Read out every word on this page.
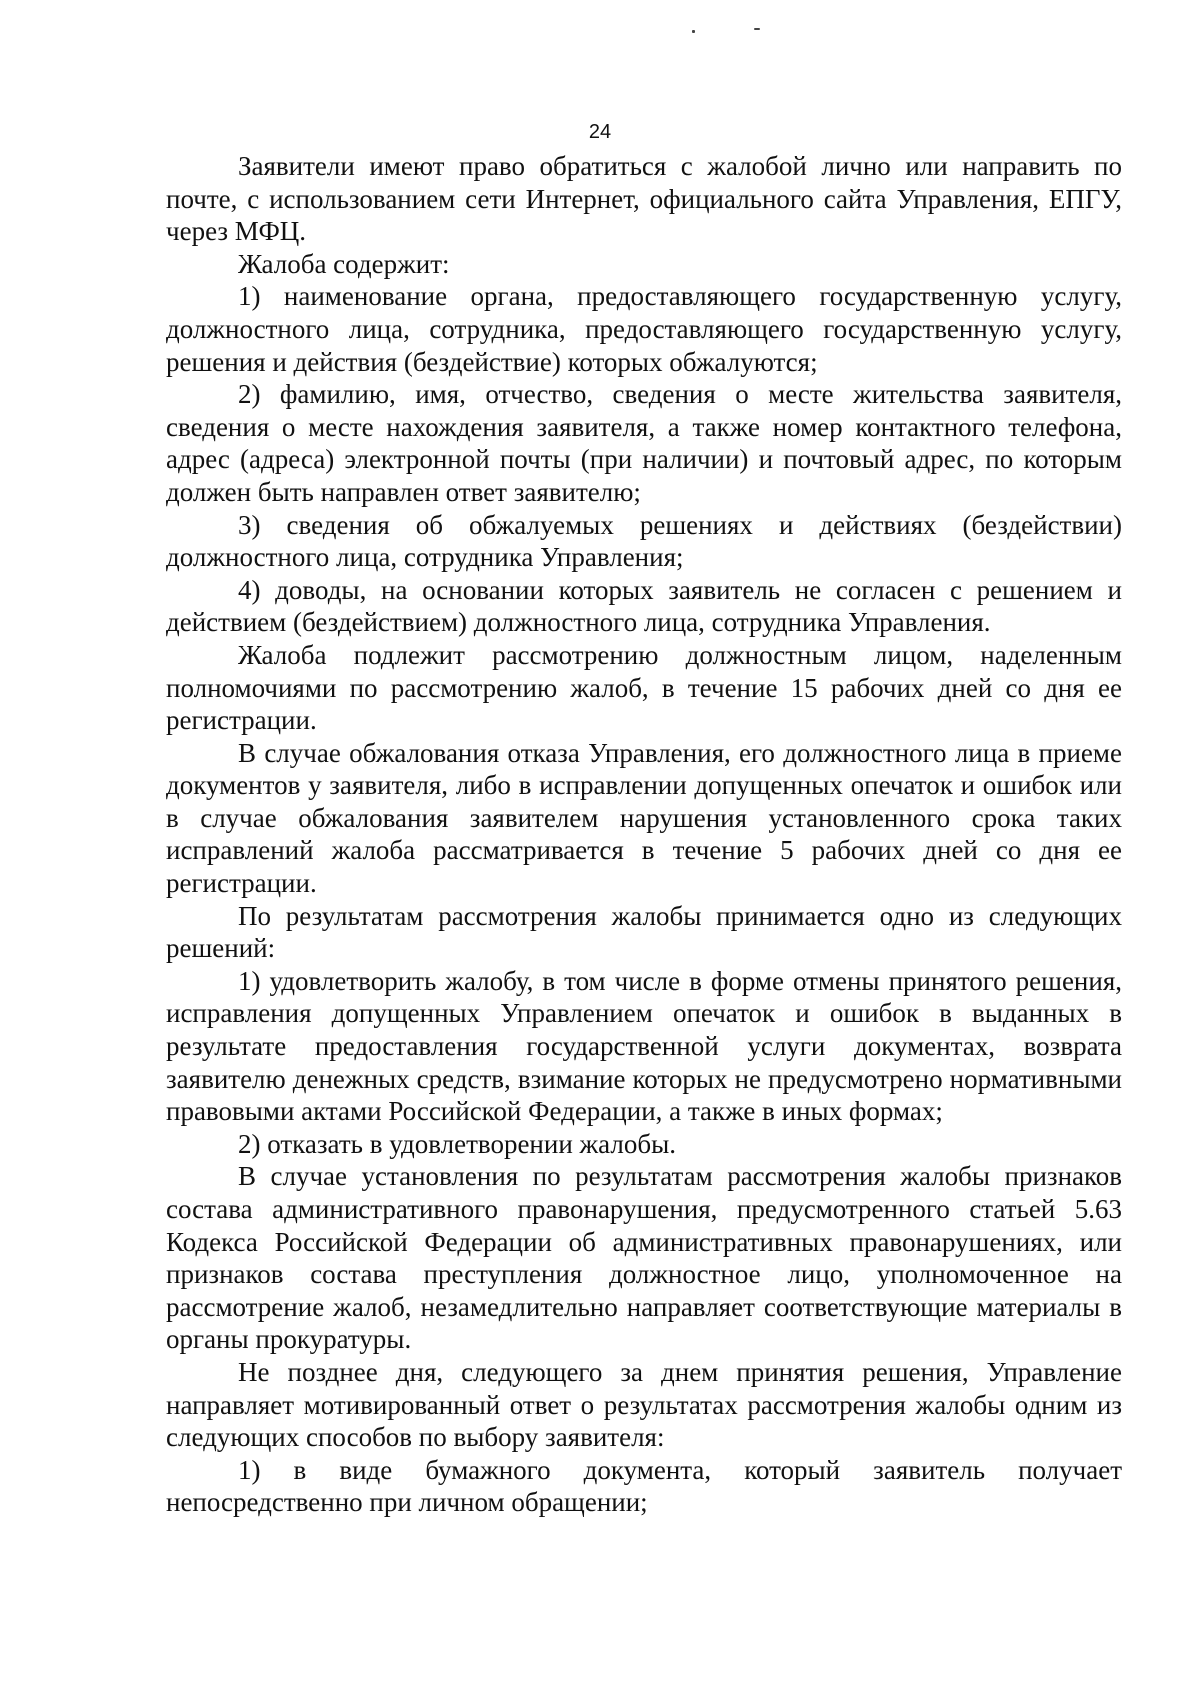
24

Заявители имеют право обратиться с жалобой лично или направить по почте, с использованием сети Интернет, официального сайта Управления, ЕПГУ, через МФЦ.

Жалоба содержит:

1) наименование органа, предоставляющего государственную услугу, должностного лица, сотрудника, предоставляющего государственную услугу, решения и действия (бездействие) которых обжалуются;

2) фамилию, имя, отчество, сведения о месте жительства заявителя, сведения о месте нахождения заявителя, а также номер контактного телефона, адрес (адреса) электронной почты (при наличии) и почтовый адрес, по которым должен быть направлен ответ заявителю;

3) сведения об обжалуемых решениях и действиях (бездействии) должностного лица, сотрудника Управления;

4) доводы, на основании которых заявитель не согласен с решением и действием (бездействием) должностного лица, сотрудника Управления.

Жалоба подлежит рассмотрению должностным лицом, наделенным полномочиями по рассмотрению жалоб, в течение 15 рабочих дней со дня ее регистрации.

В случае обжалования отказа Управления, его должностного лица в приеме документов у заявителя, либо в исправлении допущенных опечаток и ошибок или в случае обжалования заявителем нарушения установленного срока таких исправлений жалоба рассматривается в течение 5 рабочих дней со дня ее регистрации.

По результатам рассмотрения жалобы принимается одно из следующих решений:

1) удовлетворить жалобу, в том числе в форме отмены принятого решения, исправления допущенных Управлением опечаток и ошибок в выданных в результате предоставления государственной услуги документах, возврата заявителю денежных средств, взимание которых не предусмотрено нормативными правовыми актами Российской Федерации, а также в иных формах;

2) отказать в удовлетворении жалобы.

В случае установления по результатам рассмотрения жалобы признаков состава административного правонарушения, предусмотренного статьей 5.63 Кодекса Российской Федерации об административных правонарушениях, или признаков состава преступления должностное лицо, уполномоченное на рассмотрение жалоб, незамедлительно направляет соответствующие материалы в органы прокуратуры.

Не позднее дня, следующего за днем принятия решения, Управление направляет мотивированный ответ о результатах рассмотрения жалобы одним из следующих способов по выбору заявителя:

1) в виде бумажного документа, который заявитель получает непосредственно при личном обращении;
